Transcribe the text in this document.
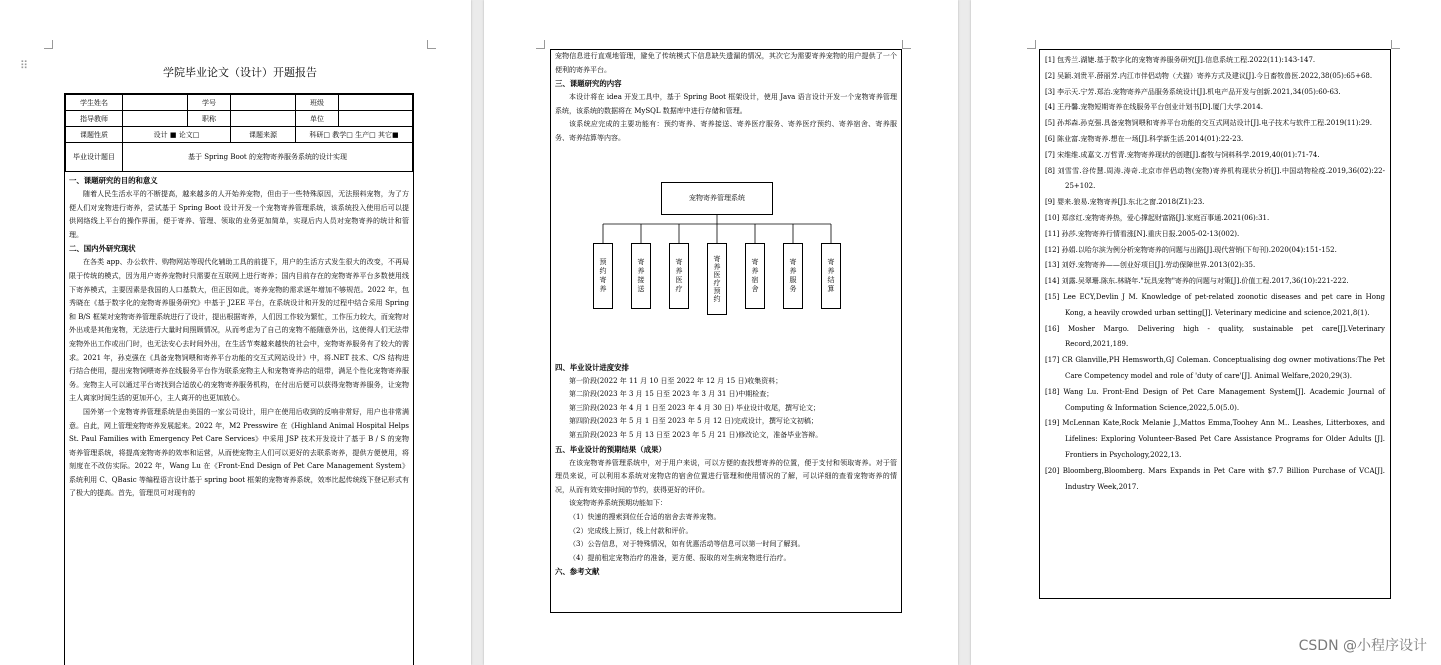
⠿
学院毕业论文（设计）开题报告
学生姓名		学号		班级	
指导教师		职称		单位	
课题性质	设计 ■ 论文□		课题来源	科研□ 教学□ 生产□ 其它■	
毕业设计题目	基于 Spring Boot 的宠物寄养服务系统的设计实现				

一、课题研究的目的和意义

随着人民生活水平的不断提高，越来越多的人开始养宠物，但由于一些特殊原因，无法照料宠物，为了方便人们对宠物进行寄养，尝试基于 Spring Boot 设计开发一个宠物寄养管理系统，该系统投入使用后可以提供网络线上平台的操作界面，便于寄养、管理、领取的业务更加简单，实现后内人员对宠物寄养的统计和管理。

二、国内外研究现状

在各类 app、办公软件、购物网站等现代化辅助工具的前提下，用户的生活方式发生很大的改变，不再局限于传统的模式，因为用户寄养宠物时只需要在互联网上进行寄养；国内目前存在的宠物寄养平台多数使用线下寄养模式，主要因素是我国的人口基数大，但正因如此，寄养宠物的需求逐年增加不够规范。2022 年，包秀晓在《基于数字化的宠物寄养服务研究》中基于 J2EE 平台，在系统设计和开发的过程中结合采用 Spring 和 B/S 框架对宠物寄养管理系统进行了设计，提出根据寄养，人们因工作较为繁忙，工作压力较大，而宠物对外出或是其他宠物，无法进行大量时间照顾情况，从而考虑为了自己的宠物不能随意外出，这使得人们无法带宠物外出工作或出门时，也无法安心去时间外出，在生活节奏越来越快的社会中，宠物寄养服务有了较大的需求。2021 年，孙克强在《具备宠物饲喂和寄养平台功能的交互式网站设计》中，将.NET 技术、C/S 结构进行结合使用，提出宠物饲喂寄养在线服务平台作为联系宠物主人和宠物寄养店的纽带，满足个性化宠物寄养服务。宠物主人可以通过平台寄找到合适放心的宠物寄养服务机构，在付出后便可以获得宠物寄养服务，让宠物主人离家时间生活的更加开心，主人离开的也更加放心。

国外第一个宠物寄养管理系统是由美国的一家公司设计，用户在使用后收到的反响非常好，用户也非常满意。自此，网上管理宠物寄养发展起来。2022 年，M2 Presswire 在《Highland Animal Hospital Helps St. Paul Families with Emergency Pet Care Services》中采用 JSP 技术开发设计了基于 B / S 的宠物寄养管理系统，将提高宠物寄养的效率和运营，从而使宠物主人们可以更好的去联系寄养，提供方便使用，将刻度在不改仿实际。2022 年，Wang Lu 在《Front-End Design of Pet Care Management System》系统利用 C、QBasic 等编程语言设计基于 spring boot 框架的宠物寄养系统，效率比起传统线下登记形式有了极大的提高。首先，管理员可对现有的

宠物信息进行直观地管理，避免了传统模式下信息缺失遗漏的情况，其次它为需要寄养宠物的用户提供了一个便利的寄养平台。

三、课题研究的内容

本设计将在 idea 开发工具中，基于 Spring Boot 框架设计，使用 Java 语言设计开发一个宠物寄养管理系统，该系统的数据将在 MySQL 数据库中进行存储和管理。

该系统应完成的主要功能有：预约寄养、寄养接送、寄养医疗服务、寄养医疗预约、寄养宿舍、寄养服务、寄养结算等内容。

宠物寄养管理系统
预约寄养	寄养接送	寄养医疗	寄养医疗预约	寄养宿舍	寄养服务	寄养结算

四、毕业设计进度安排

第一阶段(2022 年 11 月 10 日至 2022 年 12 月 15 日)收集资料；

第二阶段(2023 年 3 月 15 日至 2023 年 3 月 31 日)中期检查；

第三阶段(2023 年 4 月 1 日至 2023 年 4 月 30 日) 毕业设计收尾，撰写论文；

第四阶段(2023 年 5 月 1 日至 2023 年 5 月 12 日)完成设计，撰写论文初稿；

第五阶段(2023 年 5 月 13 日至 2023 年 5 月 21 日)修改论文，准备毕业答辩。

五、毕业设计的预期结果（成果）

在该宠物寄养管理系统中，对于用户来说，可以方便的查找想寄养的位置，便于支付和领取寄养。对于管理员来说，可以利用本系统对宠物店的宿舍位置进行管理和使用情况的了解，可以详细的查看宠物寄养的情况，从而有效安排时间的节约，获得更好的评价。

该宠物寄养系统预期功能如下：

（1）快速的搜索到位任合适的宿舍去寄养宠物。

（2）完成线上预订，线上付款和评价。

（3）公告信息，对于特殊情况，如有优惠活动等信息可以第一时间了解到。

（4）提前租定宠物治疗的准备，更方便、报取的对生病宠物进行治疗。

六、参考文献

[1] 包秀兰.湖婕.基于数字化的宠物寄养服务研究[J].信息系统工程.2022(11):143-147.

[2] 吴颖.刘贵平.薛丽芳.内江市伴侣动物（犬猫）寄养方式及建议[J].今日畜牧兽医.2022,38(05):65+68.

[3] 李示天.宁芳.郑治.宠物寄养产品服务系统设计[J].机电产品开发与创新.2021,34(05):60-63.

[4] 王丹馨.宠物短期寄养在线服务平台创业计划书[D].厦门大学.2014.

[5] 孙邦森.孙克强.具备宠物饲喂和寄养平台功能的交互式网站设计[J].电子技术与软件工程.2019(11):29.

[6] 陈业富.宠物寄养.想在一场[J].科学新生活.2014(01):22-23.

[7] 宋维维.成嘉文.万哲青.宠物寄养现状的创建[J].畜牧与饲料科学.2019,40(01):71-74.

[8] 刘雪雪.谷传慧.周涛.涛奇.北京市伴侣动物(宠物)寄养机构现状分析[J].中国动物检疫.2019,36(02):22-25+102.

[9] 婴来.狼易.宠物寄养[J].东北之窗.2018(Z1):23.

[10] 郑彦红.宠物寄养热，爱心撑起财富路[J].家庭百事通.2021(06):31.

[11] 孙莎.宠物寄养行情看涨[N].重庆日报.2005-02-13(002).

[12] 孙娟.以哈尔滨为例分析宠物寄养的问题与出路[J].现代营销(下旬刊).2020(04):151-152.

[13] 刘妤.宠物寄养——创业好项目[J].劳动保障世界.2013(02):35.

[14] 刘露.吴翠珊.陈东.林晓年."玩具宠物"寄养的问题与对策[J].价值工程.2017,36(10):221-222.

[15] Lee ECY,Devlin J M. Knowledge of pet-related zoonotic diseases and pet care in Hong Kong, a heavily crowded urban setting[J]. Veterinary medicine and science,2021,8(1).

[16] Mosher Margo. Delivering high - quality, sustainable pet care[J].Veterinary Record,2021,189.

[17] CR Glanville,PH Hemsworth,GJ Coleman. Conceptualising dog owner motivations:The Pet Care Competency model and role of 'duty of care'[J]. Animal Welfare,2020,29(3).

[18] Wang Lu. Front-End Design of Pet Care Management System[J]. Academic Journal of Computing & Information Science,2022,5.0(5.0).

[19] McLennan Kate,Rock Melanie J.,Mattos Emma,Toohey Ann M.. Leashes, Litterboxes, and Lifelines: Exploring Volunteer-Based Pet Care Assistance Programs for Older Adults [J]. Frontiers in Psychology,2022,13.

[20] Bloomberg,Bloomberg. Mars Expands in Pet Care with $7.7 Billion Purchase of VCA[J]. Industry Week,2017.

CSDN @小程序设计
